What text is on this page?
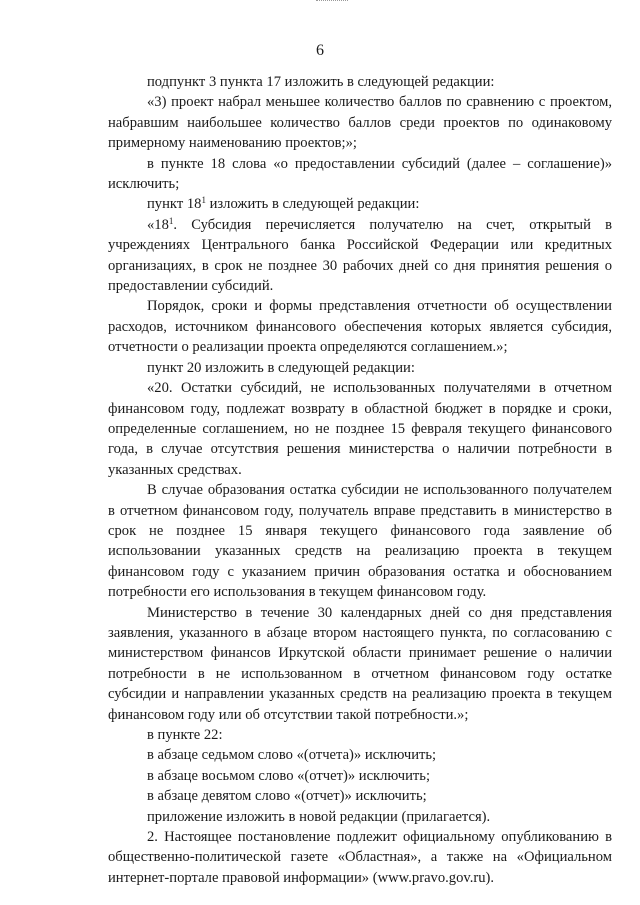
6

подпункт 3 пункта 17 изложить в следующей редакции:

«3) проект набрал меньшее количество баллов по сравнению с проектом, набравшим наибольшее количество баллов среди проектов по одинаковому примерному наименованию проектов;»;

в пункте 18 слова «о предоставлении субсидий (далее – соглашение)» исключить;

пункт $18^1$ изложить в следующей редакции:

«$18^1$. Субсидия перечисляется получателю на счет, открытый в учреждениях Центрального банка Российской Федерации или кредитных организациях, в срок не позднее 30 рабочих дней со дня принятия решения о предоставлении субсидий.

Порядок, сроки и формы представления отчетности об осуществлении расходов, источником финансового обеспечения которых является субсидия, отчетности о реализации проекта определяются соглашением.»;

пункт 20 изложить в следующей редакции:

«20. Остатки субсидий, не использованных получателями в отчетном финансовом году, подлежат возврату в областной бюджет в порядке и сроки, определенные соглашением, но не позднее 15 февраля текущего финансового года, в случае отсутствия решения министерства о наличии потребности в указанных средствах.

В случае образования остатка субсидии не использованного получателем в отчетном финансовом году, получатель вправе представить в министерство в срок не позднее 15 января текущего финансового года заявление об использовании указанных средств на реализацию проекта в текущем финансовом году с указанием причин образования остатка и обоснованием потребности его использования в текущем финансовом году.

Министерство в течение 30 календарных дней со дня представления заявления, указанного в абзаце втором настоящего пункта, по согласованию с министерством финансов Иркутской области принимает решение о наличии потребности в не использованном в отчетном финансовом году остатке субсидии и направлении указанных средств на реализацию проекта в текущем финансовом году или об отсутствии такой потребности.»;

в пункте 22:

в абзаце седьмом слово «(отчета)» исключить;

в абзаце восьмом слово «(отчет)» исключить;

в абзаце девятом слово «(отчет)» исключить;

приложение изложить в новой редакции (прилагается).

2. Настоящее постановление подлежит официальному опубликованию в общественно-политической газете «Областная», а также на «Официальном интернет-портале правовой информации» (www.pravo.gov.ru).
